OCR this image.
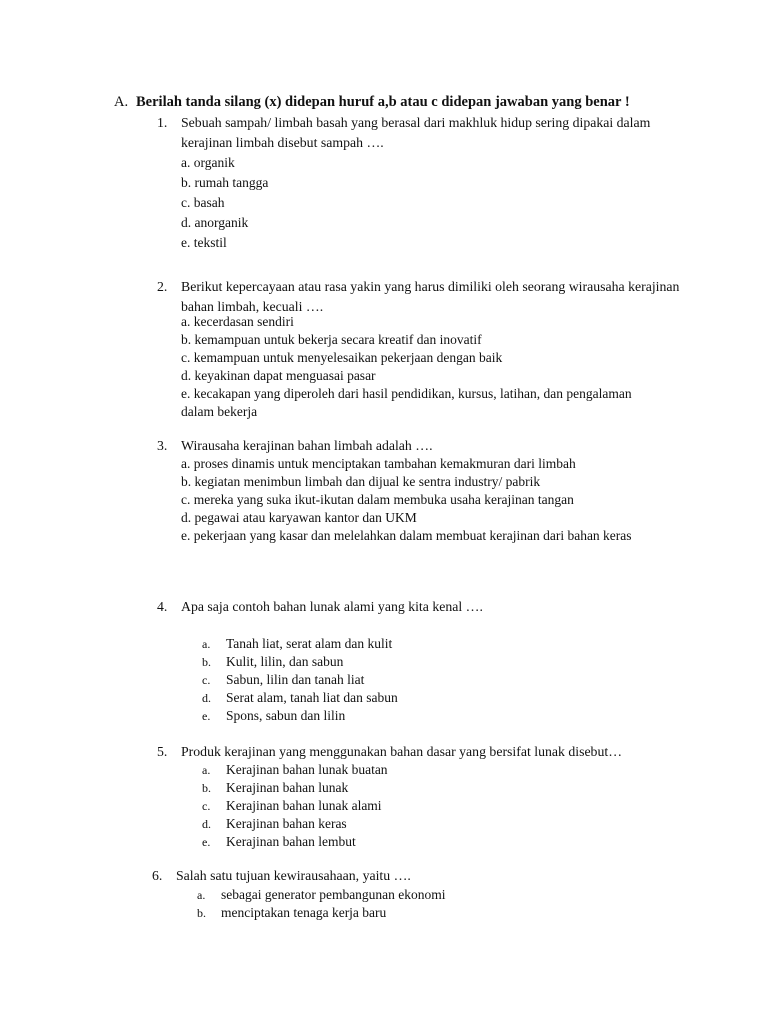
A. Berilah tanda silang (x) didepan huruf a,b atau c didepan jawaban yang benar !
1. Sebuah sampah/ limbah basah yang berasal dari makhluk hidup sering dipakai dalam kerajinan limbah disebut sampah ….
a. organik
b. rumah tangga
c. basah
d. anorganik
e. tekstil
2. Berikut kepercayaan atau rasa yakin yang harus dimiliki oleh seorang wirausaha kerajinan bahan limbah, kecuali ….
a. kecerdasan sendiri
b. kemampuan untuk bekerja secara kreatif dan inovatif
c. kemampuan untuk menyelesaikan pekerjaan dengan baik
d. keyakinan dapat menguasai pasar
e. kecakapan yang diperoleh dari hasil pendidikan, kursus, latihan, dan pengalaman dalam bekerja
3. Wirausaha kerajinan bahan limbah adalah ….
a. proses dinamis untuk menciptakan tambahan kemakmuran dari limbah
b. kegiatan menimbun limbah dan dijual ke sentra industry/ pabrik
c. mereka yang suka ikut-ikutan dalam membuka usaha kerajinan tangan
d. pegawai atau karyawan kantor dan UKM
e. pekerjaan yang kasar dan melelahkan dalam membuat kerajinan dari bahan keras
4. Apa saja contoh bahan lunak alami yang kita kenal ….
a. Tanah liat, serat alam dan kulit
b. Kulit, lilin, dan sabun
c. Sabun, lilin dan tanah liat
d. Serat alam, tanah liat dan sabun
e. Spons, sabun dan lilin
5. Produk kerajinan yang menggunakan bahan dasar yang bersifat lunak disebut…
a. Kerajinan bahan lunak buatan
b. Kerajinan bahan lunak
c. Kerajinan bahan lunak alami
d. Kerajinan bahan keras
e. Kerajinan bahan lembut
6. Salah satu tujuan kewirausahaan, yaitu ….
a. sebagai generator pembangunan ekonomi
b. menciptakan tenaga kerja baru
